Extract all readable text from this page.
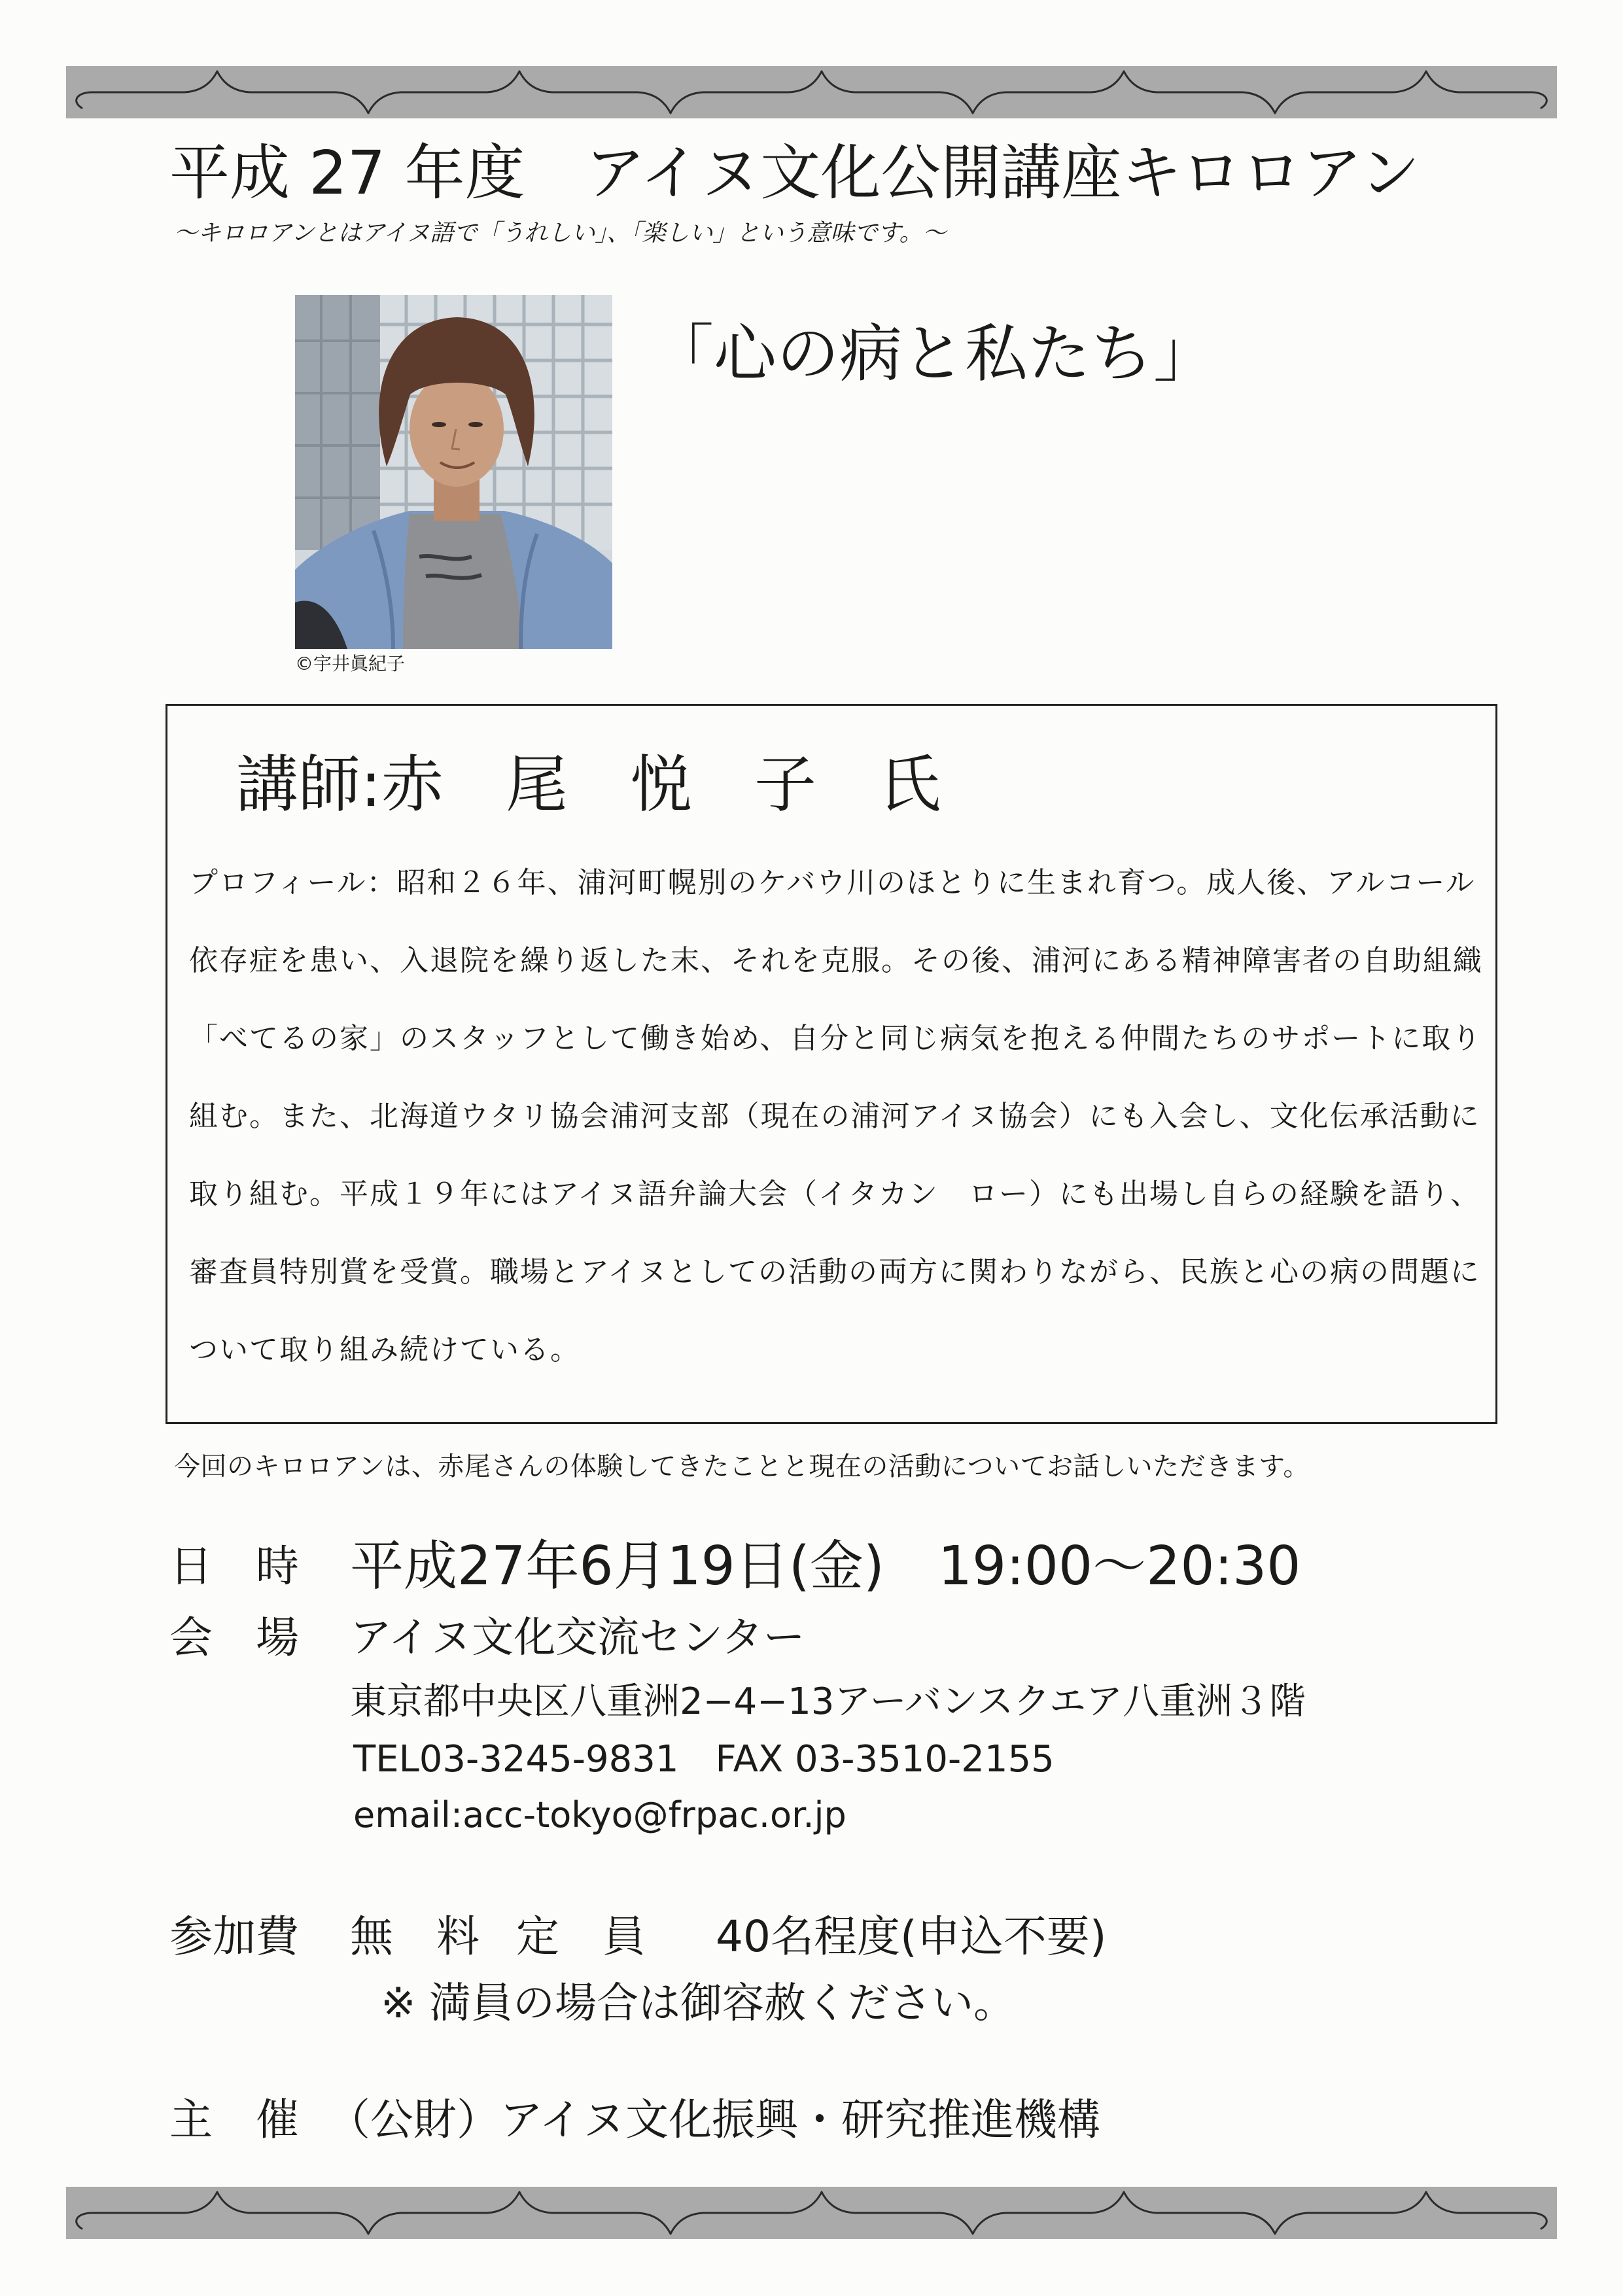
平成 27 年度　アイヌ文化公開講座キロロアン

～キロロアンとはアイヌ語で「うれしい」、「楽しい」という意味です。～

©宇井眞紀子
「心の病と私たち」
講師:赤　尾　悦　子　氏
プロフィール：昭和２６年、浦河町幌別のケバウ川のほとりに生まれ育つ。成人後、アルコール
依存症を患い、入退院を繰り返した末、それを克服。その後、浦河にある精神障害者の自助組織
「べてるの家」のスタッフとして働き始め、自分と同じ病気を抱える仲間たちのサポートに取り
組む。また、北海道ウタリ協会浦河支部（現在の浦河アイヌ協会）にも入会し、文化伝承活動に
取り組む。平成１９年にはアイヌ語弁論大会（イタカン　ロー）にも出場し自らの経験を語り、
審査員特別賞を受賞。職場とアイヌとしての活動の両方に関わりながら、民族と心の病の問題に
ついて取り組み続けている。

今回のキロロアンは、赤尾さんの体験してきたことと現在の活動についてお話しいただきます。

日　時 平成27年6月19日(金)　19:00～20:30
会　場 アイヌ文化交流センター
東京都中央区八重洲2−4−13アーバンスクエア八重洲３階
TEL03-3245-9831　FAX 03-3510-2155
email:acc-tokyo@frpac.or.jp
参加費 無　料 定　員 40名程度(申込不要)
※ 満員の場合は御容赦ください。
主　催 （公財）アイヌ文化振興・研究推進機構
